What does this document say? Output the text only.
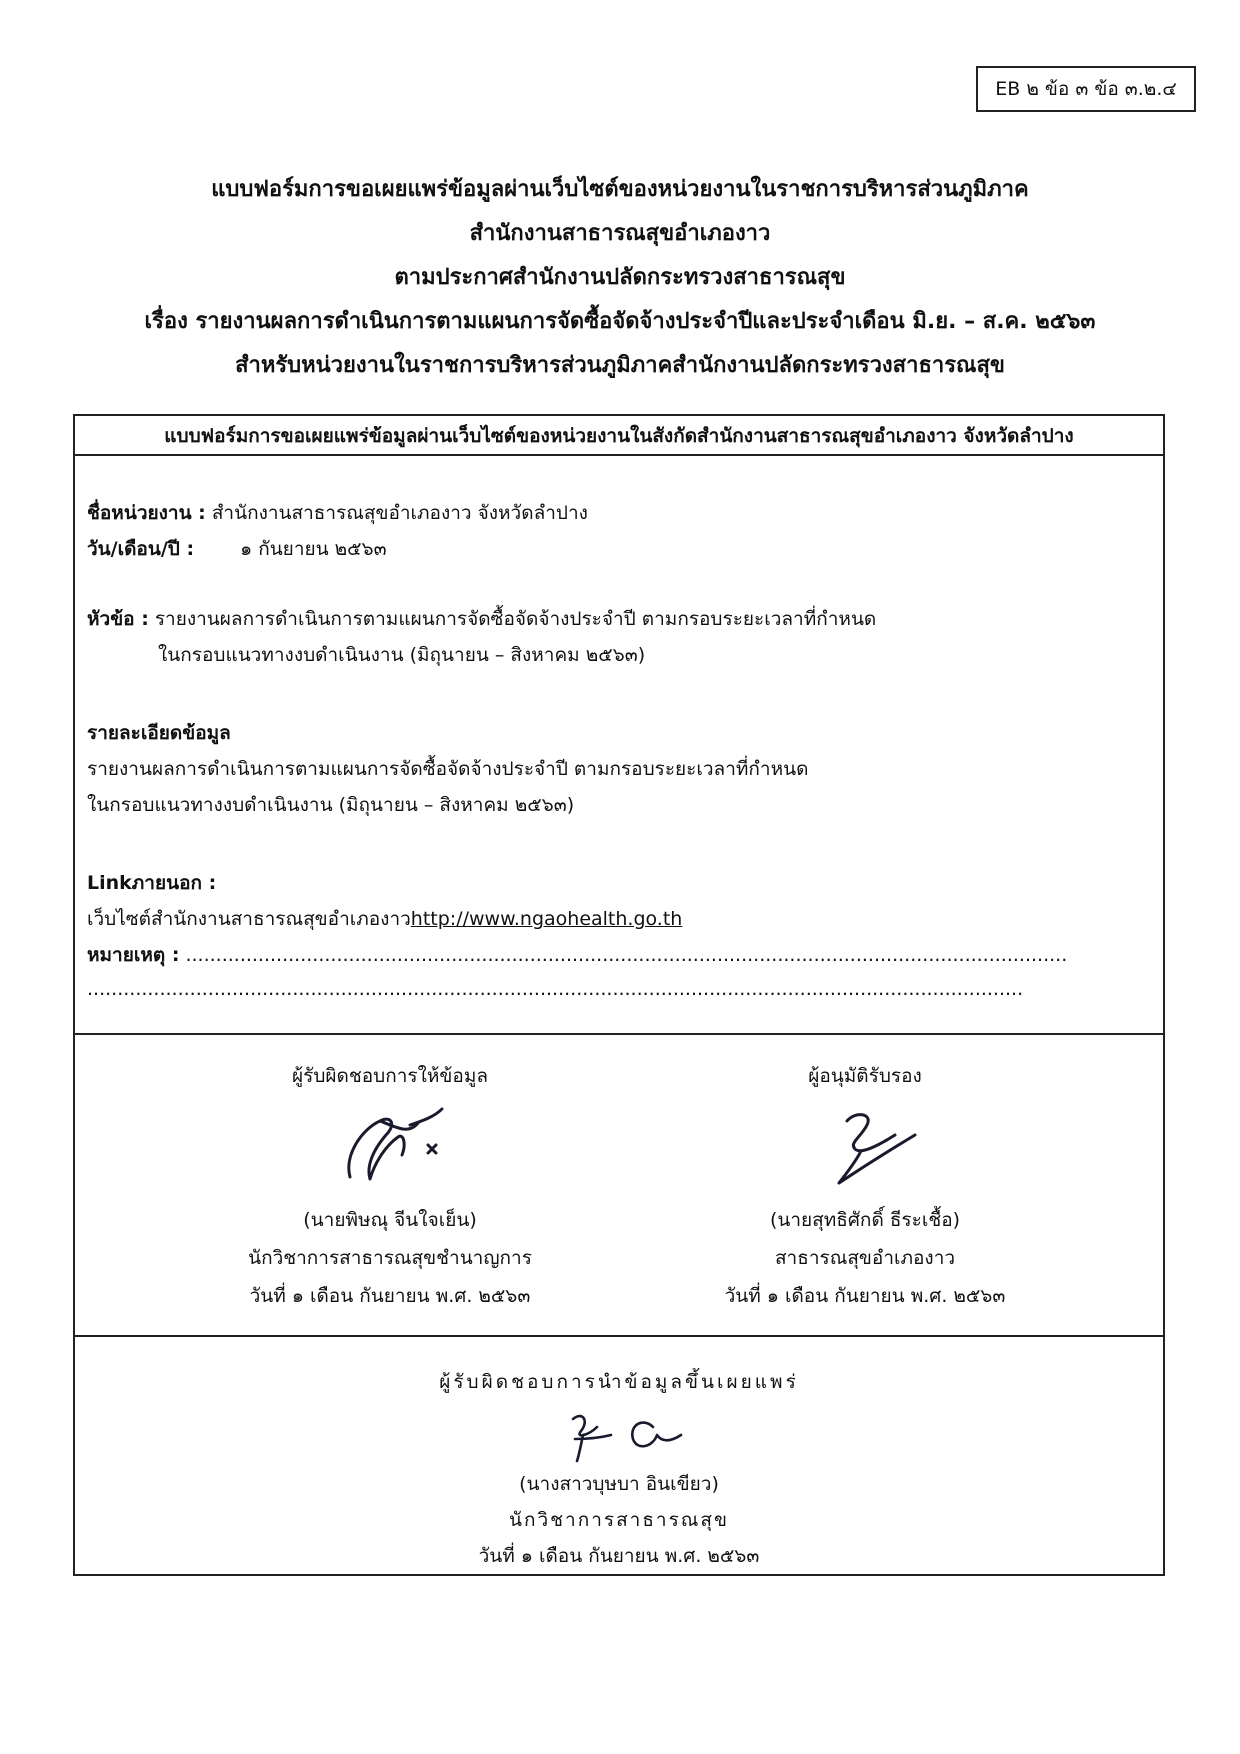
EB ๒ ข้อ ๓ ข้อ ๓.๒.๔
แบบฟอร์มการขอเผยแพร่ข้อมูลผ่านเว็บไซต์ของหน่วยงานในราชการบริหารส่วนภูมิภาค
สำนักงานสาธารณสุขอำเภองาว
ตามประกาศสำนักงานปลัดกระทรวงสาธารณสุข
เรื่อง รายงานผลการดำเนินการตามแผนการจัดซื้อจัดจ้างประจำปีและประจำเดือน มิ.ย. – ส.ค. ๒๕๖๓
สำหรับหน่วยงานในราชการบริหารส่วนภูมิภาคสำนักงานปลัดกระทรวงสาธารณสุข
แบบฟอร์มการขอเผยแพร่ข้อมูลผ่านเว็บไซต์ของหน่วยงานในสังกัดสำนักงานสาธารณสุขอำเภองาว จังหวัดลำปาง
ชื่อหน่วยงาน : สำนักงานสาธารณสุขอำเภองาว จังหวัดลำปาง
วัน/เดือน/ปี : ๑ กันยายน ๒๕๖๓
หัวข้อ : รายงานผลการดำเนินการตามแผนการจัดซื้อจัดจ้างประจำปี ตามกรอบระยะเวลาที่กำหนด
ในกรอบแนวทางงบดำเนินงาน (มิถุนายน – สิงหาคม ๒๕๖๓)
รายละเอียดข้อมูล
รายงานผลการดำเนินการตามแผนการจัดซื้อจัดจ้างประจำปี ตามกรอบระยะเวลาที่กำหนด
ในกรอบแนวทางงบดำเนินงาน (มิถุนายน – สิงหาคม ๒๕๖๓)
Linkภายนอก :
เว็บไซต์สำนักงานสาธารณสุขอำเภองาวhttp://www.ngaohealth.go.th
หมายเหตุ : ..................................................................................................................................................
...........................................................................................................................................................
ผู้รับผิดชอบการให้ข้อมูล
(นายพิษณุ จีนใจเย็น)
นักวิชาการสาธารณสุขชำนาญการ
วันที่ ๑ เดือน กันยายน พ.ศ. ๒๕๖๓
ผู้อนุมัติรับรอง
(นายสุทธิศักดิ์ ธีระเชื้อ)
สาธารณสุขอำเภองาว
วันที่ ๑ เดือน กันยายน พ.ศ. ๒๕๖๓
ผู้รับผิดชอบการนำข้อมูลขึ้นเผยแพร่
(นางสาวบุษบา อินเขียว)
นักวิชาการสาธารณสุข
วันที่ ๑ เดือน กันยายน พ.ศ. ๒๕๖๓
